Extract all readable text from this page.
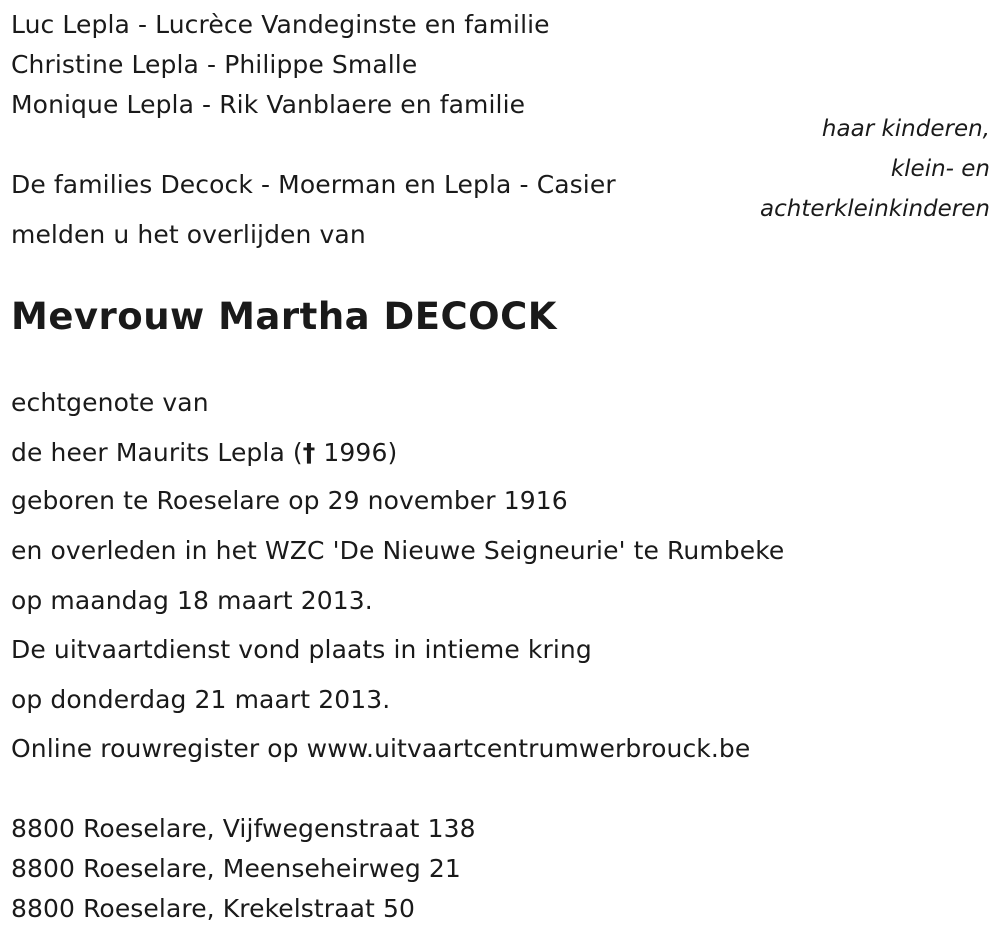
Luc Lepla - Lucrèce Vandeginste en familie
Christine Lepla - Philippe Smalle
Monique Lepla - Rik Vanblaere en familie
haar kinderen,
klein- en
achterkleinkinderen
De families Decock - Moerman en Lepla - Casier
melden u het overlijden van
Mevrouw Martha DECOCK
echtgenote van
de heer Maurits Lepla († 1996)
geboren te Roeselare op 29 november 1916
en overleden in het WZC 'De Nieuwe Seigneurie' te Rumbeke
op maandag 18 maart 2013.
De uitvaartdienst vond plaats in intieme kring
op donderdag 21 maart 2013.
Online rouwregister op www.uitvaartcentrumwerbrouck.be
8800 Roeselare, Vijfwegenstraat 138
8800 Roeselare, Meenseheirweg 21
8800 Roeselare, Krekelstraat 50
